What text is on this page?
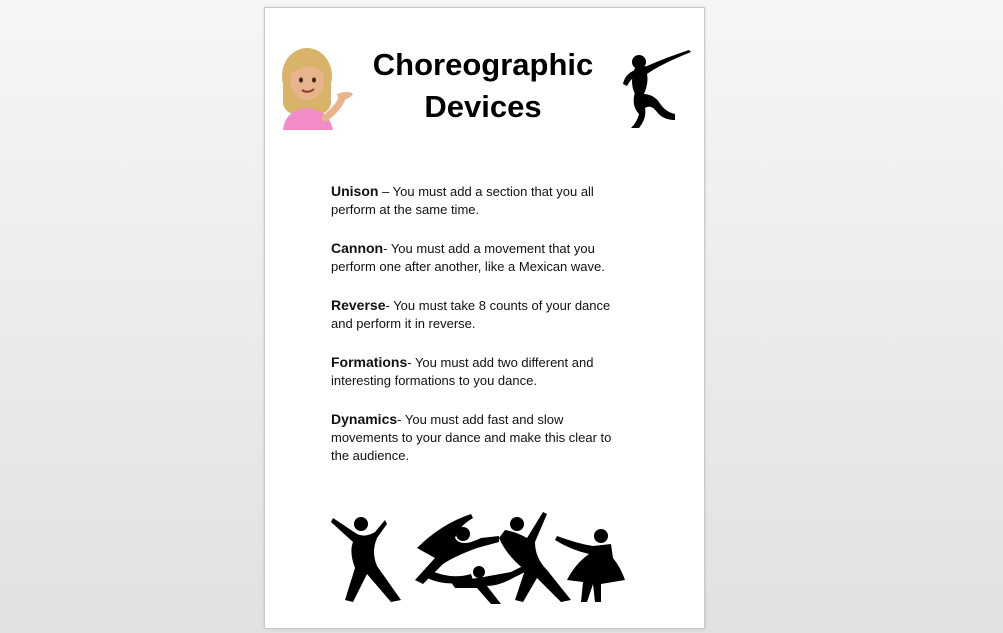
Choreographic
Devices

Unison – You must add a section that you all perform at the same time.

Cannon- You must add a movement that you perform one after another, like a Mexican wave.

Reverse- You must take 8 counts of your dance and perform it in reverse.

Formations- You must add two different and interesting formations to you dance.

Dynamics- You must add fast and slow movements to your dance and make this clear to the audience.
